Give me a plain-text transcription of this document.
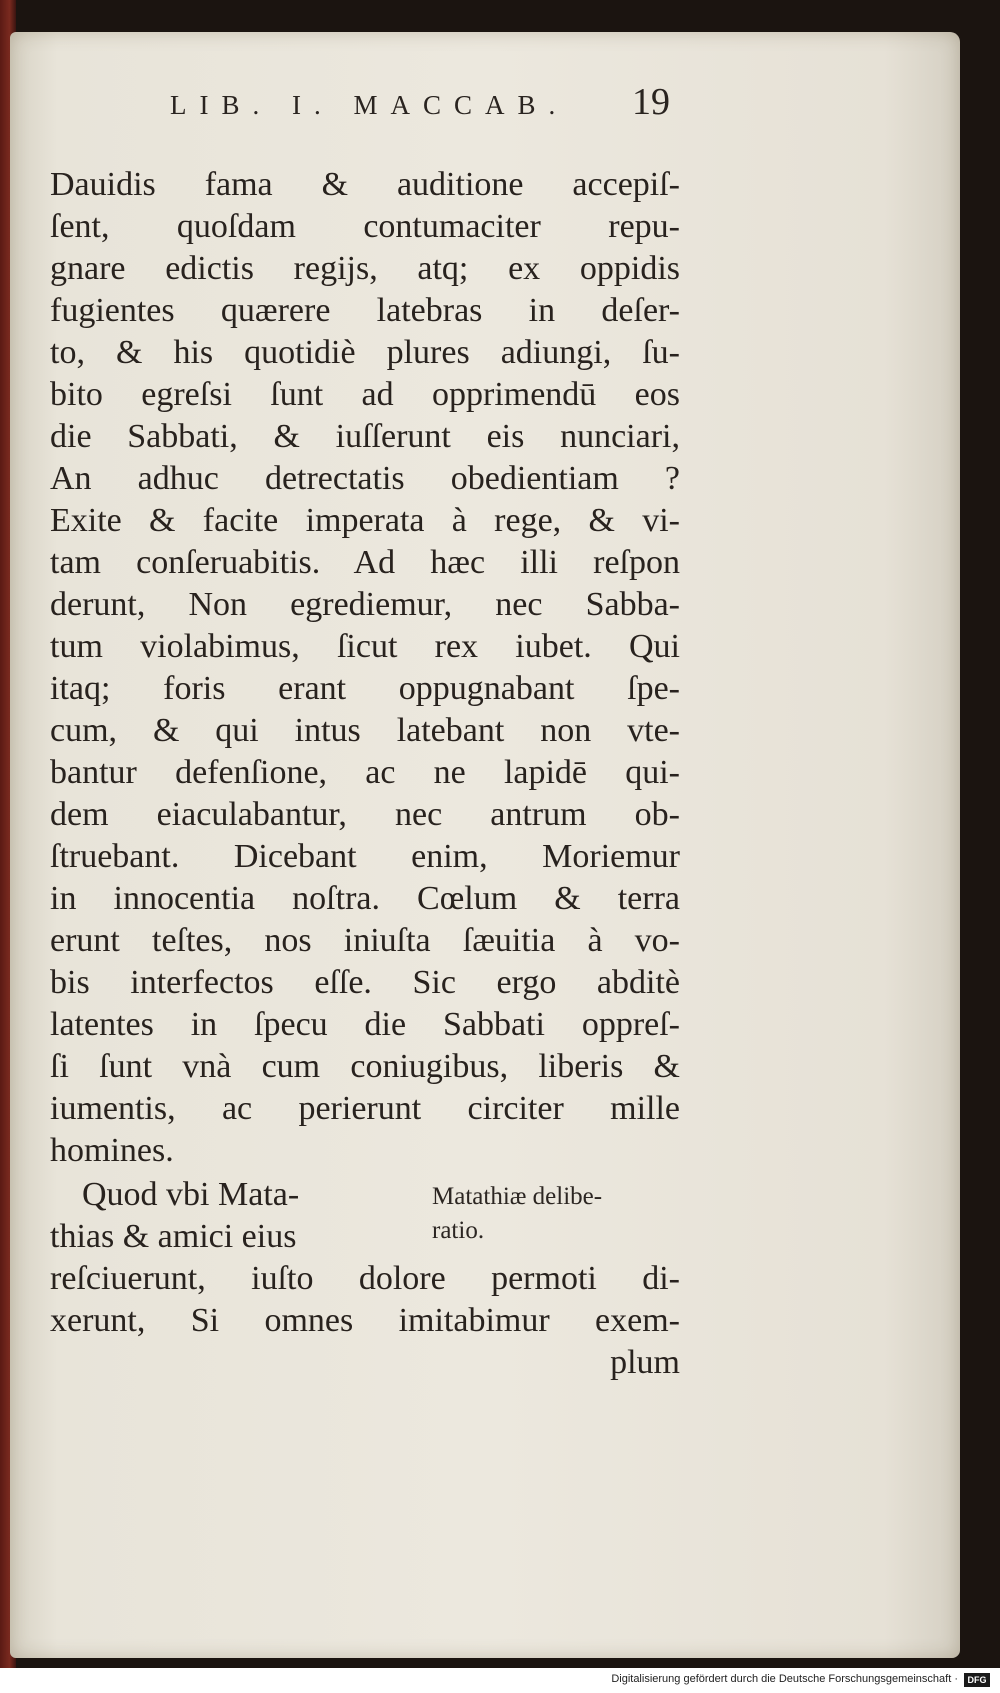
LIB. I. MACCAB.	19
Dauidis fama & auditione accepiſ-
ſent, quoſdam contumaciter repu-
gnare edictis regijs, atq; ex oppidis
fugientes quærere latebras in deſer-
to, & his quotidiè plures adiungi, ſu-
bito egreſsi ſunt ad opprimendū eos
die Sabbati, & iuſſerunt eis nunciari,
An adhuc detrectatis obedientiam ?
Exite & facite imperata à rege, & vi-
tam conſeruabitis. Ad hæc illi reſpon
derunt, Non egrediemur, nec Sabba-
tum violabimus, ſicut rex iubet. Qui
itaq; foris erant oppugnabant ſpe-
cum, & qui intus latebant non vte-
bantur defenſione, ac ne lapidē qui-
dem eiaculabantur, nec antrum ob-
ſtruebant. Dicebant enim, Moriemur
in innocentia noſtra. Cœlum & terra
erunt teſtes, nos iniuſta ſæuitia à vo-
bis interfectos eſſe. Sic ergo abditè
latentes in ſpecu die Sabbati oppreſ-
ſi ſunt vnà cum coniugibus, liberis &
iumentis, ac perierunt circiter mille
homines.
Quod vbi Mata-
thias & amici eius
reſciuerunt, iuſto dolore permoti di-
xerunt, Si omnes imitabimur exem-
plum
Matathiæ delibe-
ratio.
Digitalisierung gefördert durch die Deutsche Forschungsgemeinschaft ·	DFG
